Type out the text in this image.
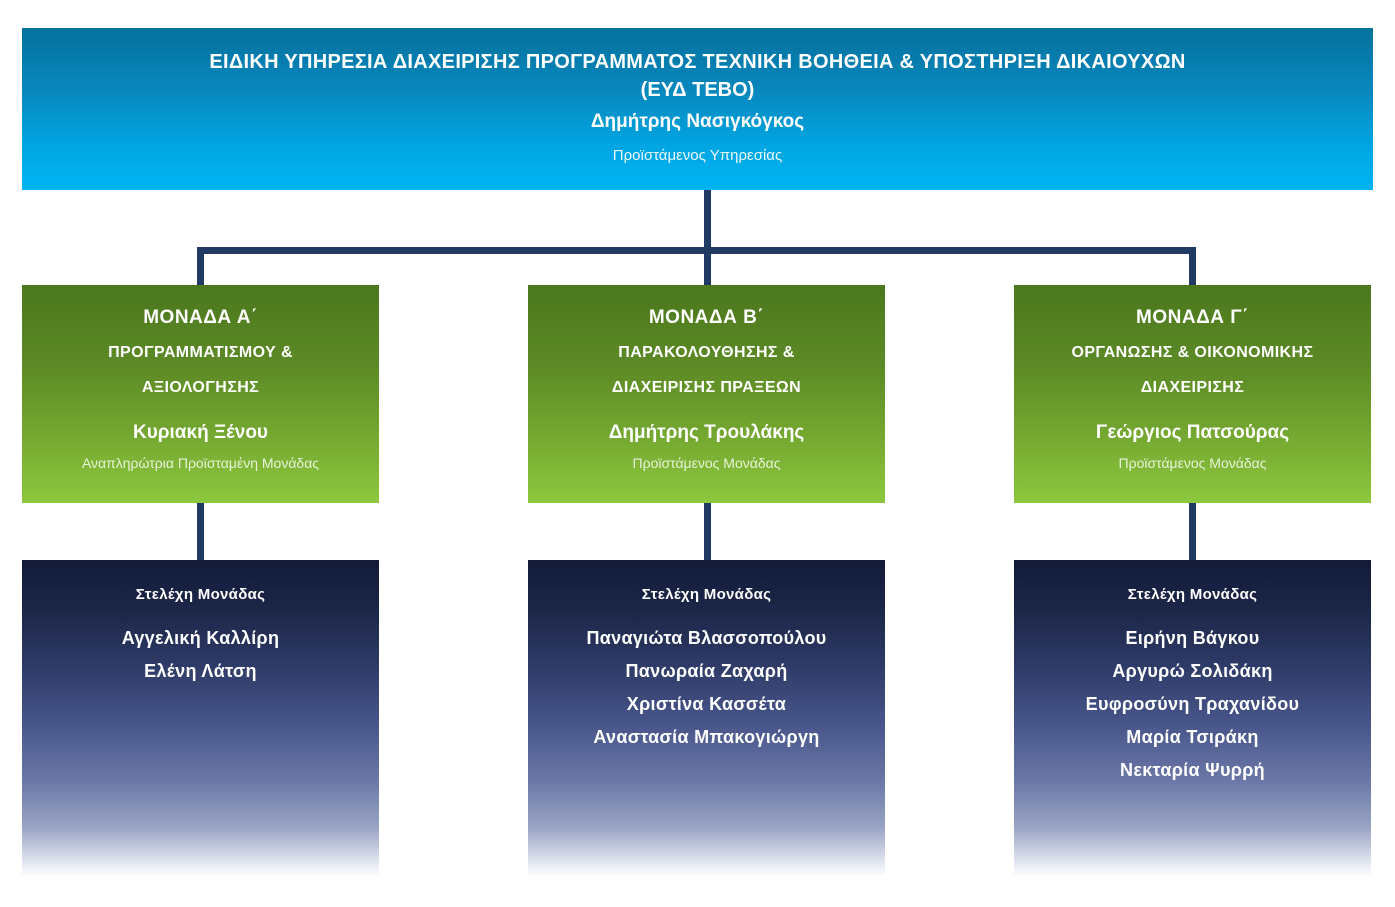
ΕΙΔΙΚΗ ΥΠΗΡΕΣΙΑ ΔΙΑΧΕΙΡΙΣΗΣ ΠΡΟΓΡΑΜΜΑΤΟΣ ΤΕΧΝΙΚΗ ΒΟΗΘΕΙΑ & ΥΠΟΣΤΗΡΙΞΗ ΔΙΚΑΙΟΥΧΩΝ
(ΕΥΔ ΤΕΒΟ)
Δημήτρης Νασιγκόγκος
Προϊστάμενος Υπηρεσίας
ΜΟΝΑΔΑ Α΄
ΠΡΟΓΡΑΜΜΑΤΙΣΜΟΥ &
ΑΞΙΟΛΟΓΗΣΗΣ
Κυριακή Ξένου
Αναπληρώτρια Προϊσταμένη Μονάδας
ΜΟΝΑΔΑ Β΄
ΠΑΡΑΚΟΛΟΥΘΗΣΗΣ &
ΔΙΑΧΕΙΡΙΣΗΣ ΠΡΑΞΕΩΝ
Δημήτρης Τρουλάκης
Προϊστάμενος Μονάδας
ΜΟΝΑΔΑ Γ΄
ΟΡΓΑΝΩΣΗΣ & ΟΙΚΟΝΟΜΙΚΗΣ
ΔΙΑΧΕΙΡΙΣΗΣ
Γεώργιος Πατσούρας
Προϊστάμενος Μονάδας
Στελέχη Μονάδας
Αγγελική Καλλίρη
Ελένη Λάτση
Στελέχη Μονάδας
Παναγιώτα Βλασσοπούλου
Πανωραία Ζαχαρή
Χριστίνα Κασσέτα
Αναστασία Μπακογιώργη
Στελέχη Μονάδας
Ειρήνη Βάγκου
Αργυρώ Σολιδάκη
Ευφροσύνη Τραχανίδου
Μαρία Τσιράκη
Νεκταρία Ψυρρή
